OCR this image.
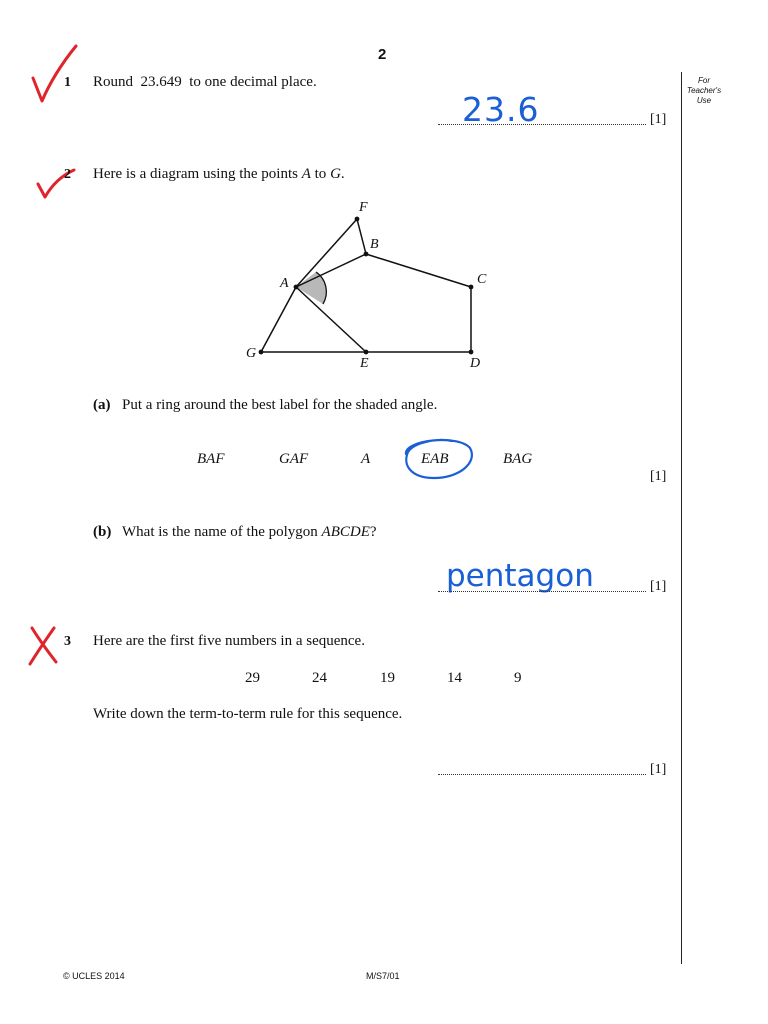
2
For
Teacher's
Use
1 Round  23.649  to one decimal place.
23.6	[1]
2 Here is a diagram using the points A to G.
A
B
C
D
E
F
G
(a) Put a ring around the best label for the shaded angle.
BAF	GAF	A	EAB	BAG
[1]
(b) What is the name of the polygon ABCDE?
pentagon	[1]
3 Here are the first five numbers in a sequence.
29	24	19	14	9
Write down the term-to-term rule for this sequence.
[1]
© UCLES 2014	M/S7/01
